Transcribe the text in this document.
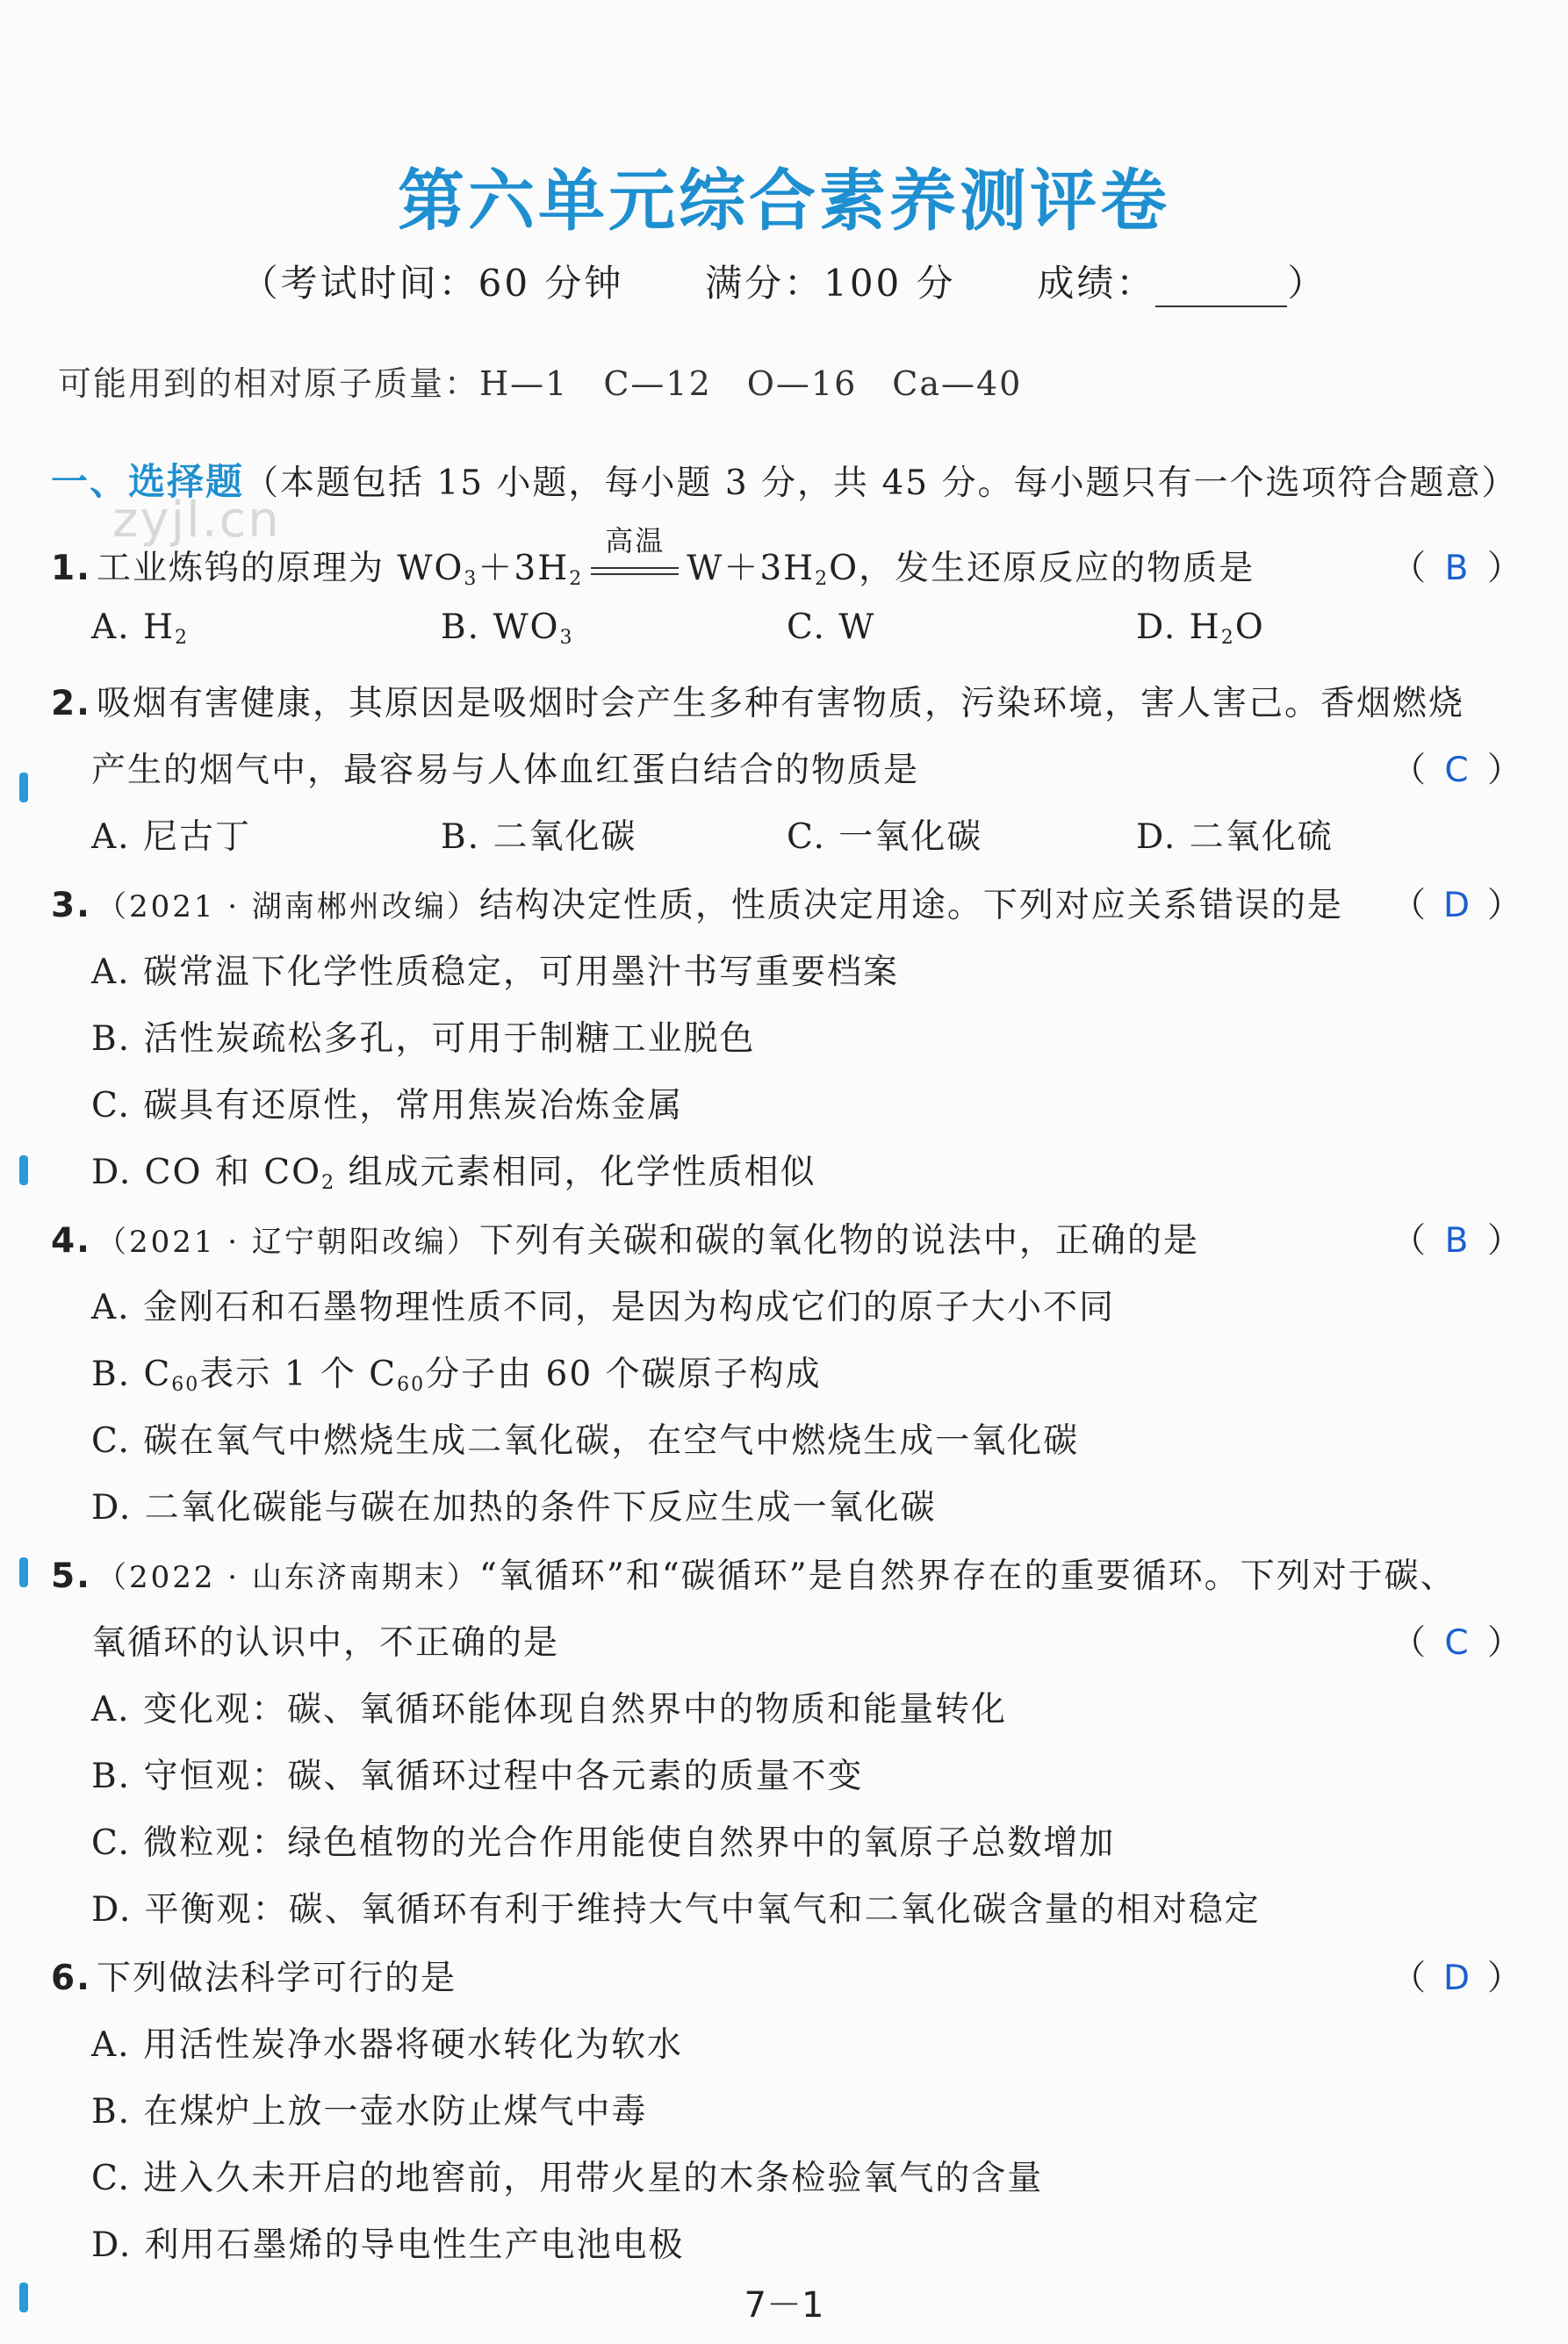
第六单元综合素养测评卷
（考试时间：60 分钟 满分：100 分 成绩：	）
可能用到的相对原子质量：H—1　C—12　O—16　Ca—40
一、选择题（本题包括 15 小题，每小题 3 分，共 45 分。每小题只有一个选项符合题意）
zyjl.cn
1. 工业炼钨的原理为 $WO_3+3H_2$
高温
$W+3H_2O$，发生还原反应的物质是	（ B ）
A. $H_2$	B. $WO_3$	C. W	D. $H_2O$
2. 吸烟有害健康，其原因是吸烟时会产生多种有害物质，污染环境，害人害己。香烟燃烧
产生的烟气中，最容易与人体血红蛋白结合的物质是	（ C ）
A. 尼古丁	B. 二氧化碳	C. 一氧化碳	D. 二氧化硫
3. （2021 · 湖南郴州改编）结构决定性质，性质决定用途。下列对应关系错误的是 （ D ）
A. 碳常温下化学性质稳定，可用墨汁书写重要档案
B. 活性炭疏松多孔，可用于制糖工业脱色
C. 碳具有还原性，常用焦炭冶炼金属
D. CO 和 $CO_2$ 组成元素相同，化学性质相似
4. （2021 · 辽宁朝阳改编）下列有关碳和碳的氧化物的说法中，正确的是	（ B ）
A. 金刚石和石墨物理性质不同，是因为构成它们的原子大小不同
B. $C_{60}$表示 1 个 $C_{60}$分子由 60 个碳原子构成
C. 碳在氧气中燃烧生成二氧化碳，在空气中燃烧生成一氧化碳
D. 二氧化碳能与碳在加热的条件下反应生成一氧化碳
5. （2022 · 山东济南期末）“氧循环”和“碳循环”是自然界存在的重要循环。下列对于碳、
氧循环的认识中，不正确的是	（ C ）
A. 变化观：碳、氧循环能体现自然界中的物质和能量转化
B. 守恒观：碳、氧循环过程中各元素的质量不变
C. 微粒观：绿色植物的光合作用能使自然界中的氧原子总数增加
D. 平衡观：碳、氧循环有利于维持大气中氧气和二氧化碳含量的相对稳定
6. 下列做法科学可行的是	（ D ）
A. 用活性炭净水器将硬水转化为软水
B. 在煤炉上放一壶水防止煤气中毒
C. 进入久未开启的地窖前，用带火星的木条检验氧气的含量
D. 利用石墨烯的导电性生产电池电极
7－1
